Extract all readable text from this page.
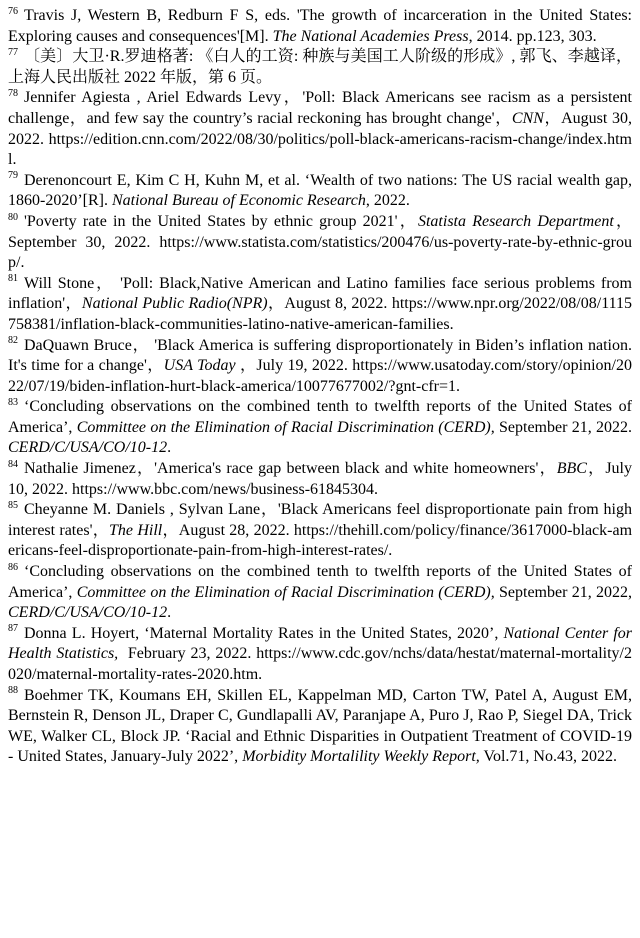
$^{76}$ Travis J, Western B, Redburn F S, eds. 'The growth of incarceration in the United States: Exploring causes and consequences'[M]. The National Academies Press, 2014. pp.123, 303.

$^{77}$ 〔美〕大卫·R.罗迪格著: 《白人的工资: 种族与美国工人阶级的形成》, 郭飞、李越译，上海人民出版社 2022 年版，第 6 页。

$^{78}$ Jennifer Agiesta , Ariel Edwards Levy，'Poll: Black Americans see racism as a persistent challenge，and few say the country’s racial reckoning has brought change'，CNN，August 30, 2022. https://edition.cnn.com/2022/08/30/politics/poll-black-americans-racism-change/index.html.

$^{79}$ Derenoncourt E, Kim C H, Kuhn M, et al. ‘Wealth of two nations: The US racial wealth gap, 1860-2020’[R]. National Bureau of Economic Research, 2022.

$^{80}$ 'Poverty rate in the United States by ethnic group 2021'，Statista Research Department，September 30, 2022. https://www.statista.com/statistics/200476/us-poverty-rate-by-ethnic-group/.

$^{81}$ Will Stone， 'Poll: Black,Native American and Latino families face serious problems from inflation'，National Public Radio(NPR)，August 8, 2022. https://www.npr.org/2022/08/08/1115758381/inflation-black-communities-latino-native-american-families.

$^{82}$ DaQuawn Bruce， 'Black America is suffering disproportionately in Biden’s inflation nation. It's time for a change'，USA Today ，July 19, 2022. https://www.usatoday.com/story/opinion/2022/07/19/biden-inflation-hurt-black-america/10077677002/?gnt-cfr=1.

$^{83}$ ‘Concluding observations on the combined tenth to twelfth reports of the United States of America’, Committee on the Elimination of Racial Discrimination (CERD), September 21, 2022. CERD/C/USA/CO/10-12.

$^{84}$ Nathalie Jimenez，'America's race gap between black and white homeowners'，BBC，July 10, 2022. https://www.bbc.com/news/business-61845304.

$^{85}$ Cheyanne M. Daniels , Sylvan Lane，'Black Americans feel disproportionate pain from high interest rates'，The Hill，August 28, 2022. https://thehill.com/policy/finance/3617000-black-americans-feel-disproportionate-pain-from-high-interest-rates/.

$^{86}$ ‘Concluding observations on the combined tenth to twelfth reports of the United States of America’, Committee on the Elimination of Racial Discrimination (CERD), September 21, 2022, CERD/C/USA/CO/10-12.

$^{87}$ Donna L. Hoyert, ‘Maternal Mortality Rates in the United States, 2020’, National Center for Health Statistics,  February 23, 2022. https://www.cdc.gov/nchs/data/hestat/maternal-mortality/2020/maternal-mortality-rates-2020.htm.

$^{88}$ Boehmer TK, Koumans EH, Skillen EL, Kappelman MD, Carton TW, Patel A, August EM, Bernstein R, Denson JL, Draper C, Gundlapalli AV, Paranjape A, Puro J, Rao P, Siegel DA, Trick WE, Walker CL, Block JP. ‘Racial and Ethnic Disparities in Outpatient Treatment of COVID-19 - United States, January-July 2022’, Morbidity Mortalility Weekly Report, Vol.71, No.43, 2022.
